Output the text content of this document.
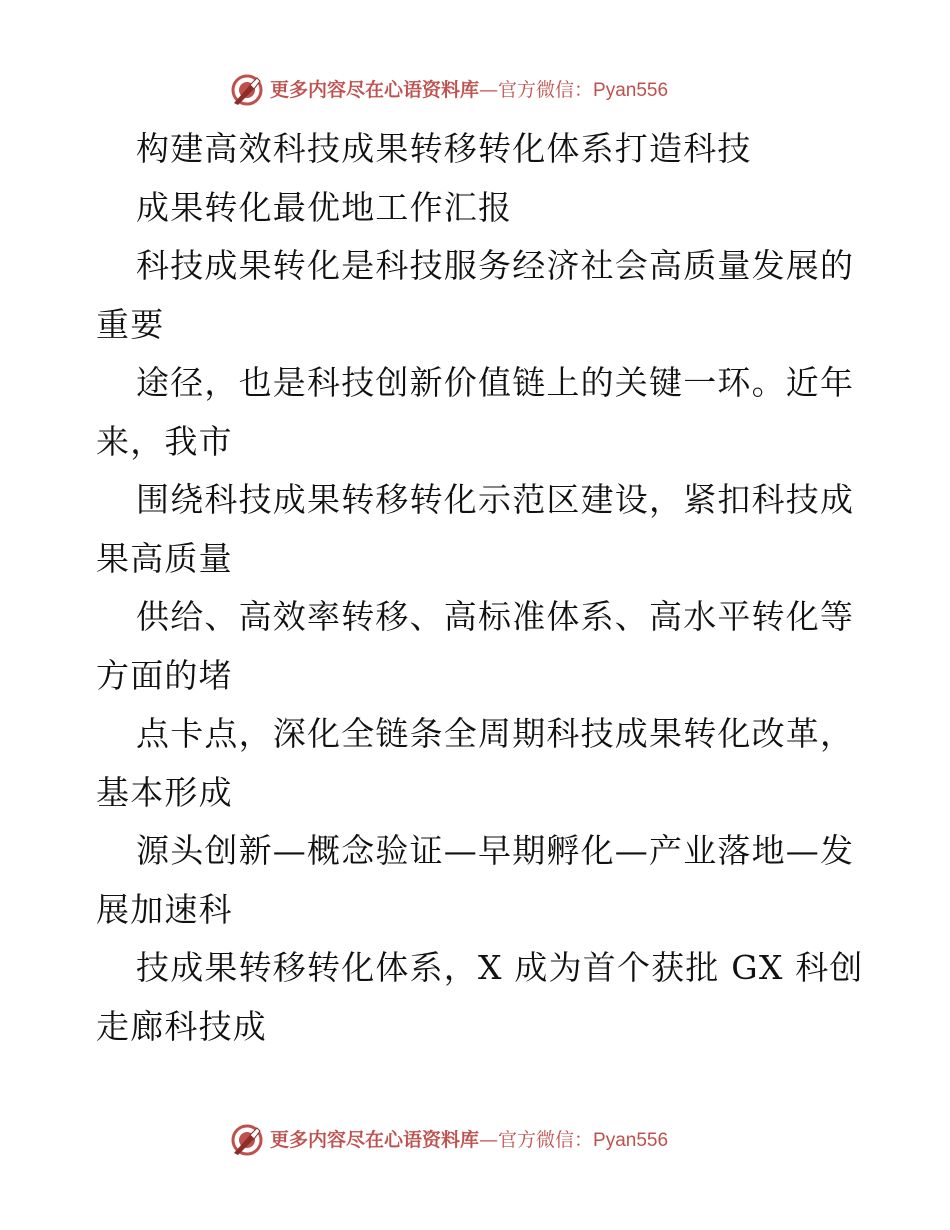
更多内容尽在心语资料库—官方微信：Pyan556

构建高效科技成果转移转化体系打造科技

成果转化最优地工作汇报

科技成果转化是科技服务经济社会高质量发展的

重要

途径，也是科技创新价值链上的关键一环。近年

来，我市

围绕科技成果转移转化示范区建设，紧扣科技成

果高质量

供给、高效率转移、高标准体系、高水平转化等

方面的堵

点卡点，深化全链条全周期科技成果转化改革，

基本形成

源头创新—概念验证—早期孵化—产业落地—发

展加速科

技成果转移转化体系，X 成为首个获批 GX 科创

走廊科技成

更多内容尽在心语资料库—官方微信：Pyan556
